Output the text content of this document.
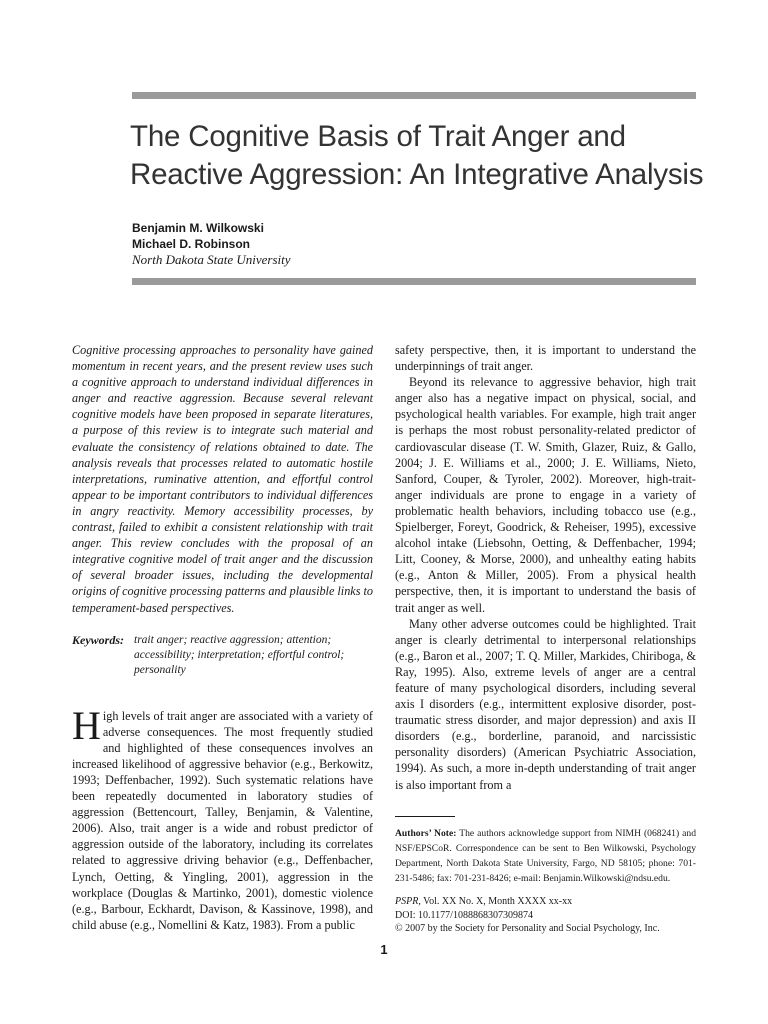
The Cognitive Basis of Trait Anger and Reactive Aggression: An Integrative Analysis
Benjamin M. Wilkowski
Michael D. Robinson
North Dakota State University

Cognitive processing approaches to personality have gained momentum in recent years, and the present review uses such a cognitive approach to understand individual differences in anger and reactive aggression. Because several relevant cognitive models have been proposed in separate literatures, a purpose of this review is to integrate such material and evaluate the consistency of relations obtained to date. The analysis reveals that processes related to automatic hostile interpretations, ruminative attention, and effortful control appear to be important contributors to individual differences in angry reactivity. Memory accessibility processes, by contrast, failed to exhibit a consistent relationship with trait anger. This review concludes with the proposal of an integrative cognitive model of trait anger and the discussion of several broader issues, including the developmental origins of cognitive processing patterns and plausible links to temperament-based perspectives.

Keywords: trait anger; reactive aggression; attention; accessibility; interpretation; effortful control; personality

High levels of trait anger are associated with a variety of adverse consequences. The most frequently studied and highlighted of these consequences involves an increased likelihood of aggressive behavior (e.g., Berkowitz, 1993; Deffenbacher, 1992). Such systematic relations have been repeatedly documented in laboratory studies of aggression (Bettencourt, Talley, Benjamin, & Valentine, 2006). Also, trait anger is a wide and robust predictor of aggression outside of the laboratory, including its correlates related to aggressive driving behavior (e.g., Deffenbacher, Lynch, Oetting, & Yingling, 2001), aggression in the workplace (Douglas & Martinko, 2001), domestic violence (e.g., Barbour, Eckhardt, Davison, & Kassinove, 1998), and child abuse (e.g., Nomellini & Katz, 1983). From a public

safety perspective, then, it is important to understand the underpinnings of trait anger.

Beyond its relevance to aggressive behavior, high trait anger also has a negative impact on physical, social, and psychological health variables. For example, high trait anger is perhaps the most robust personality-related predictor of cardiovascular disease (T. W. Smith, Glazer, Ruiz, & Gallo, 2004; J. E. Williams et al., 2000; J. E. Williams, Nieto, Sanford, Couper, & Tyroler, 2002). Moreover, high-trait-anger individuals are prone to engage in a variety of problematic health behaviors, including tobacco use (e.g., Spielberger, Foreyt, Goodrick, & Reheiser, 1995), excessive alcohol intake (Liebsohn, Oetting, & Deffenbacher, 1994; Litt, Cooney, & Morse, 2000), and unhealthy eating habits (e.g., Anton & Miller, 2005). From a physical health perspective, then, it is important to understand the basis of trait anger as well.

Many other adverse outcomes could be highlighted. Trait anger is clearly detrimental to interpersonal relationships (e.g., Baron et al., 2007; T. Q. Miller, Markides, Chiriboga, & Ray, 1995). Also, extreme levels of anger are a central feature of many psychological disorders, including several axis I disorders (e.g., intermittent explosive disorder, post-traumatic stress disorder, and major depression) and axis II disorders (e.g., borderline, paranoid, and narcissistic personality disorders) (American Psychiatric Association, 1994). As such, a more in-depth understanding of trait anger is also important from a

Authors’ Note: The authors acknowledge support from NIMH (068241) and NSF/EPSCoR. Correspondence can be sent to Ben Wilkowski, Psychology Department, North Dakota State University, Fargo, ND 58105; phone: 701-231-5486; fax: 701-231-8426; e-mail: Benjamin.Wilkowski@ndsu.edu.

PSPR, Vol. XX No. X, Month XXXX xx-xx
DOI: 10.1177/1088868307309874
© 2007 by the Society for Personality and Social Psychology, Inc.
1
